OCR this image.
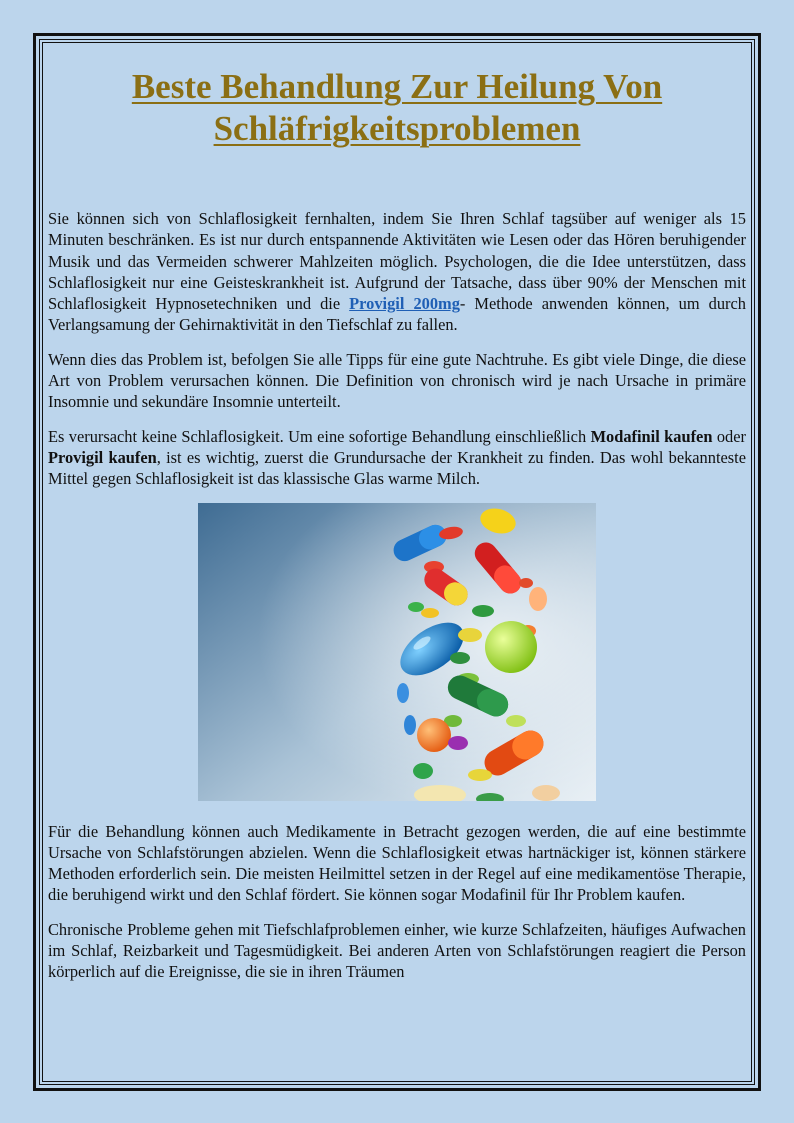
Beste Behandlung Zur Heilung Von Schläfrigkeitsproblemen

Sie können sich von Schlaflosigkeit fernhalten, indem Sie Ihren Schlaf tagsüber auf weniger als 15 Minuten beschränken. Es ist nur durch entspannende Aktivitäten wie Lesen oder das Hören beruhigender Musik und das Vermeiden schwerer Mahlzeiten möglich. Psychologen, die die Idee unterstützen, dass Schlaflosigkeit nur eine Geisteskrankheit ist. Aufgrund der Tatsache, dass über 90% der Menschen mit Schlaflosigkeit Hypnosetechniken und die Provigil 200mg- Methode anwenden können, um durch Verlangsamung der Gehirnaktivität in den Tiefschlaf zu fallen.

Wenn dies das Problem ist, befolgen Sie alle Tipps für eine gute Nachtruhe. Es gibt viele Dinge, die diese Art von Problem verursachen können. Die Definition von chronisch wird je nach Ursache in primäre Insomnie und sekundäre Insomnie unterteilt.

Es verursacht keine Schlaflosigkeit. Um eine sofortige Behandlung einschließlich Modafinil kaufen oder Provigil kaufen, ist es wichtig, zuerst die Grundursache der Krankheit zu finden. Das wohl bekannteste Mittel gegen Schlaflosigkeit ist das klassische Glas warme Milch.

Für die Behandlung können auch Medikamente in Betracht gezogen werden, die auf eine bestimmte Ursache von Schlafstörungen abzielen. Wenn die Schlaflosigkeit etwas hartnäckiger ist, können stärkere Methoden erforderlich sein. Die meisten Heilmittel setzen in der Regel auf eine medikamentöse Therapie, die beruhigend wirkt und den Schlaf fördert. Sie können sogar Modafinil für Ihr Problem kaufen.

Chronische Probleme gehen mit Tiefschlafproblemen einher, wie kurze Schlafzeiten, häufiges Aufwachen im Schlaf, Reizbarkeit und Tagesmüdigkeit. Bei anderen Arten von Schlafstörungen reagiert die Person körperlich auf die Ereignisse, die sie in ihren Träumen
